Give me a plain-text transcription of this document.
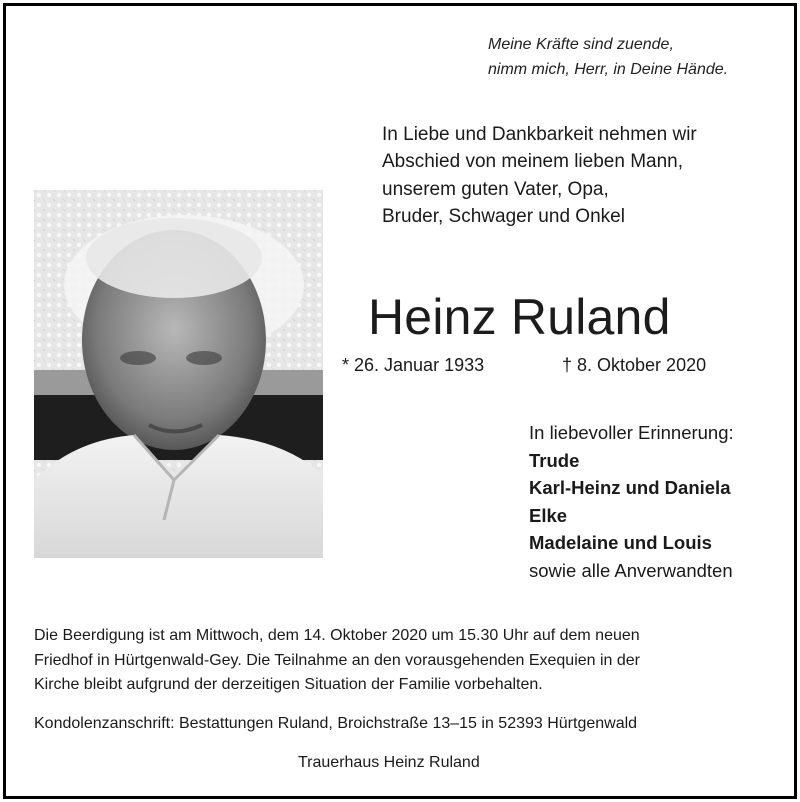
Meine Kräfte sind zuende,
nimm mich, Herr, in Deine Hände.
In Liebe und Dankbarkeit nehmen wir
Abschied von meinem lieben Mann,
unserem guten Vater, Opa,
Bruder, Schwager und Onkel
Heinz Ruland
* 26. Januar 1933	† 8. Oktober 2020
In liebevoller Erinnerung:
Trude
Karl-Heinz und Daniela
Elke
Madelaine und Louis
sowie alle Anverwandten
Die Beerdigung ist am Mittwoch, dem 14. Oktober 2020 um 15.30 Uhr auf dem neuen
Friedhof in Hürtgenwald-Gey. Die Teilnahme an den vorausgehenden Exequien in der
Kirche bleibt aufgrund der derzeitigen Situation der Familie vorbehalten.
Kondolenzanschrift: Bestattungen Ruland, Broichstraße 13–15 in 52393 Hürtgenwald
Trauerhaus Heinz Ruland
